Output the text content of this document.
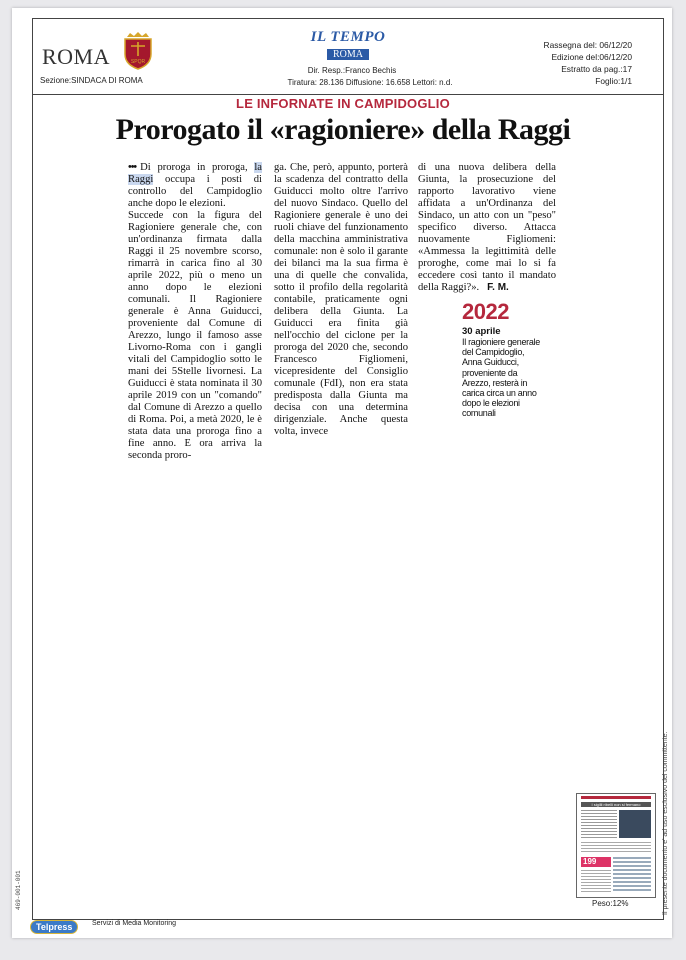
ROMA	SPQR
Sezione:SINDACA DI ROMA
IL TEMPO
ROMA
Dir. Resp.:Franco Bechis
Tiratura: 28.136 Diffusione: 16.658 Lettori: n.d.
Rassegna del: 06/12/20
Edizione del:06/12/20
Estratto da pag.:17
Foglio:1/1
LE INFORNATE IN CAMPIDOGLIO
Prorogato il «ragioniere» della Raggi

••• Di proroga in proroga, la Raggi occupa i posti di controllo del Campidoglio anche dopo le elezioni.

Succede con la figura del Ragioniere generale che, con un'ordinanza firmata dalla Raggi il 25 novembre scorso, rimarrà in carica fino al 30 aprile 2022, più o meno un anno dopo le elezioni comunali. Il Ragioniere generale è Anna Guiducci, proveniente dal Comune di Arezzo, lungo il famoso asse Livorno-Roma con i gangli vitali del Campidoglio sotto le mani dei 5Stelle livornesi. La Guiducci è stata nominata il 30 aprile 2019 con un "comando" dal Comune di Arezzo a quello di Roma. Poi, a metà 2020, le è stata data una proroga fino a fine anno. E ora arriva la seconda proro-

ga. Che, però, appunto, porterà la scadenza del contratto della Guiducci molto oltre l'arrivo del nuovo Sindaco. Quello del Ragioniere generale è uno dei ruoli chiave del funzionamento della macchina amministrativa comunale: non è solo il garante dei bilanci ma la sua firma è una di quelle che convalida, sotto il profilo della regolarità contabile, praticamente ogni delibera della Giunta. La Guiducci era finita già nell'occhio del ciclone per la proroga del 2020 che, secondo Francesco Figliomeni, vicepresidente del Consiglio comunale (FdI), non era stata predisposta dalla Giunta ma decisa con una determina dirigenziale. Anche questa volta, invece

di una nuova delibera della Giunta, la prosecuzione del rapporto lavorativo viene affidata a un'Ordinanza del Sindaco, un atto con un "peso" specifico diverso. Attacca nuovamente Figliomeni: «Ammessa la legittimità delle proroghe, come mai lo si fa eccedere così tanto il mandato della Raggi?». F. M.

2022
30 aprile
Il ragioniere generale del Campidoglio, Anna Guiducci, proveniente da Arezzo, resterà in carica circa un anno dopo le elezioni comunali
I sigilli ribelli non si fermano
199
Peso:12%	Il presente documento e' ad uso esclusivo del committente.
469-001-001
Telpress	Servizi di Media Monitoring
